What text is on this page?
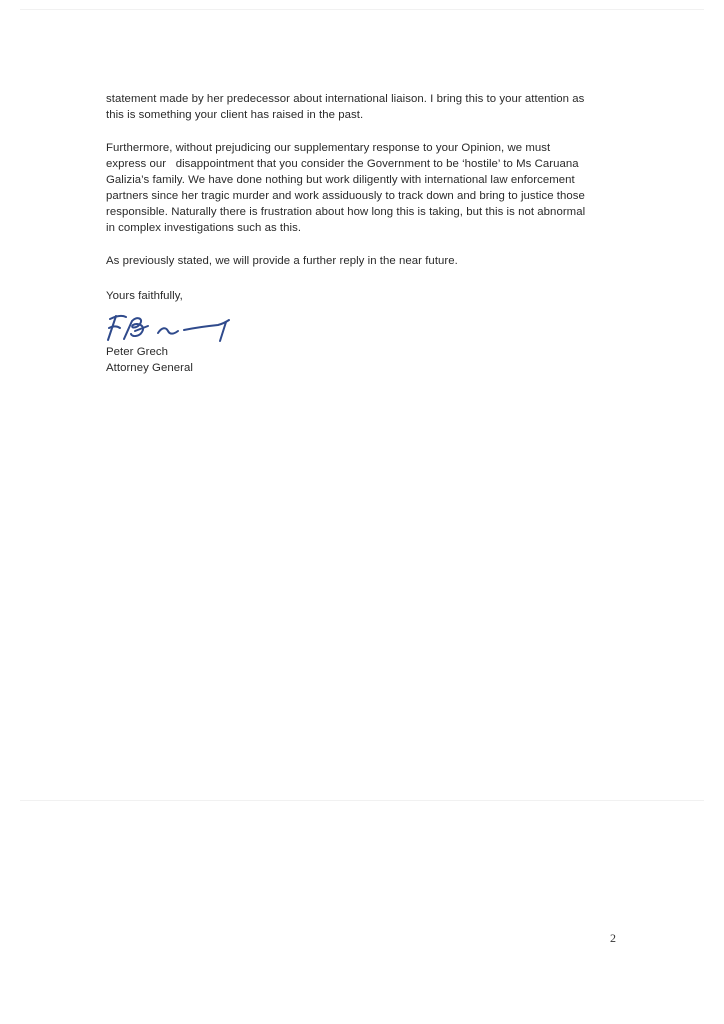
statement made by her predecessor about international liaison. I bring this to your attention as
this is something your client has raised in the past.

Furthermore, without prejudicing our supplementary response to your Opinion, we must
express our   disappointment that you consider the Government to be ‘hostile’ to Ms Caruana
Galizia’s family. We have done nothing but work diligently with international law enforcement
partners since her tragic murder and work assiduously to track down and bring to justice those
responsible. Naturally there is frustration about how long this is taking, but this is not abnormal
in complex investigations such as this.

As previously stated, we will provide a further reply in the near future.

Yours faithfully,
Peter Grech
Attorney General
2
